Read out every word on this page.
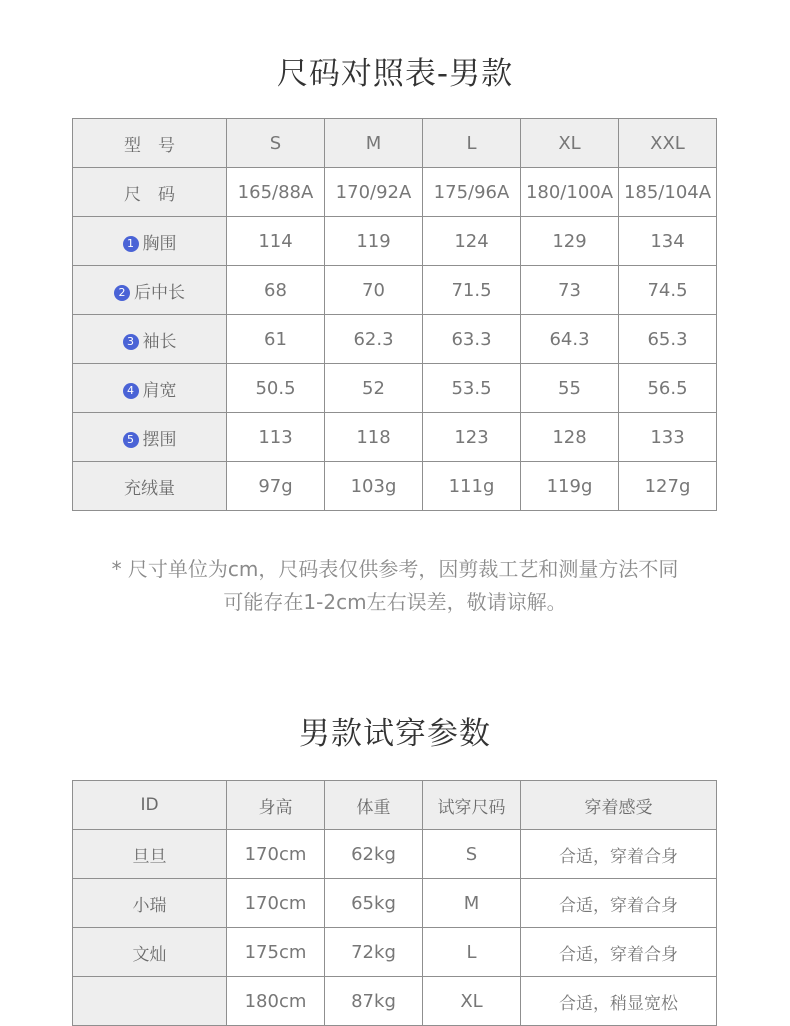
尺码对照表-男款
型　号	S	M	L	XL	XXL
尺　码	165/88A	170/92A	175/96A	180/100A	185/104A
1 胸围	114	119	124	129	134
2 后中长	68	70	71.5	73	74.5
3 袖长	61	62.3	63.3	64.3	65.3
4 肩宽	50.5	52	53.5	55	56.5
5 摆围	113	118	123	128	133
充绒量	97g	103g	111g	119g	127g
* 尺寸单位为cm，尺码表仅供参考，因剪裁工艺和测量方法不同
可能存在1-2cm左右误差，敬请谅解。
男款试穿参数
ID	身高	体重	试穿尺码	穿着感受
旦旦	170cm	62kg	S	合适，穿着合身
小瑞	170cm	65kg	M	合适，穿着合身
文灿	175cm	72kg	L	合适，穿着合身
	180cm	87kg	XL	合适，稍显宽松
